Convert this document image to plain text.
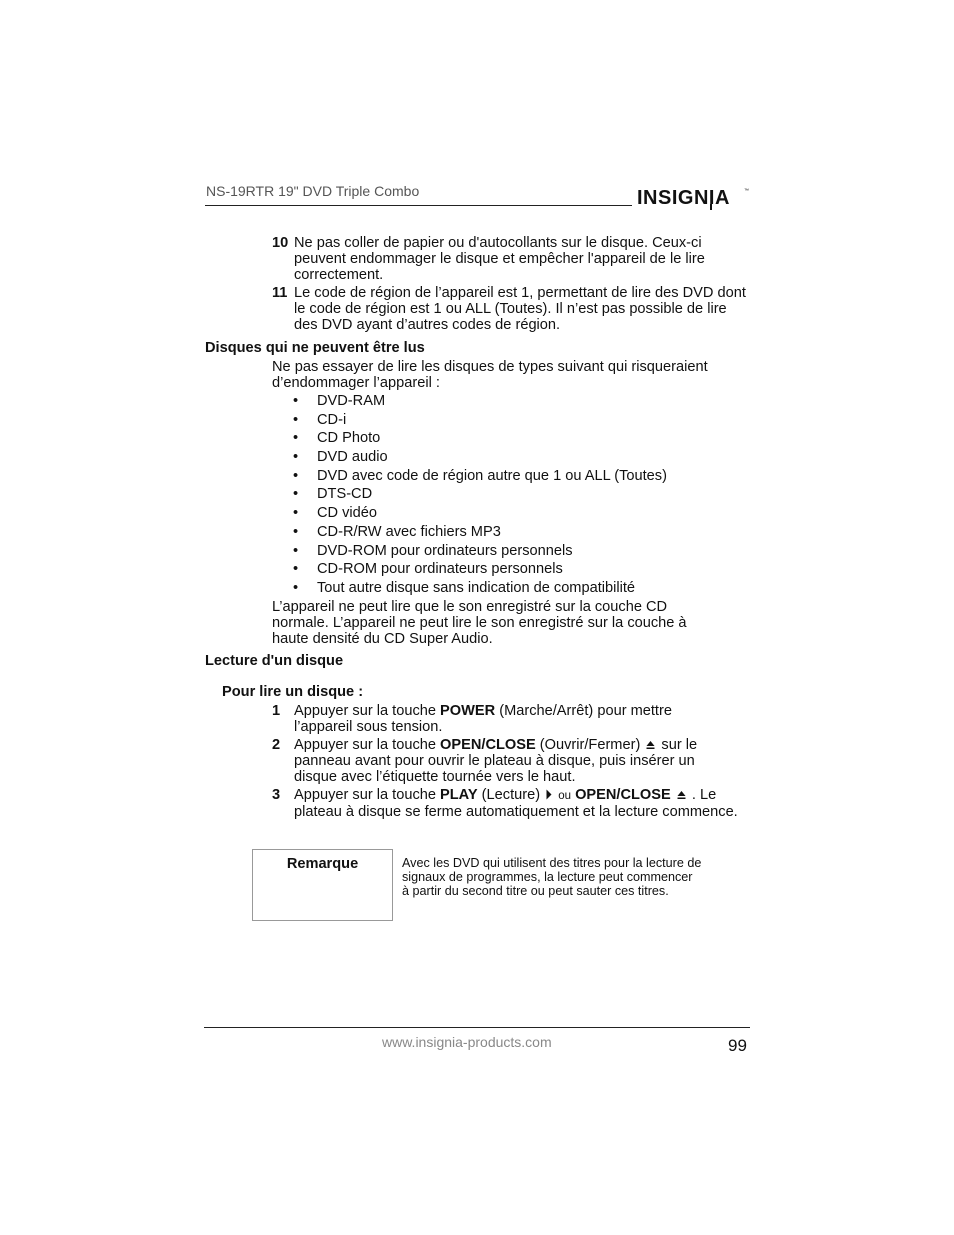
NS-19RTR 19" DVD Triple Combo	INSIGNIA	™
10 Ne pas coller de papier ou d'autocollants sur le disque. Ceux-ci peuvent endommager le disque et empêcher l'appareil de le lire correctement.
11 Le code de région de l’appareil est 1, permettant de lire des DVD dont le code de région est 1 ou ALL (Toutes). Il n’est pas possible de lire des DVD ayant d’autres codes de région.
Disques qui ne peuvent être lus
Ne pas essayer de lire les disques de types suivant qui risqueraient d’endommager l’appareil :
• DVD-RAM
• CD-i
• CD Photo
• DVD audio
• DVD avec code de région autre que 1 ou ALL (Toutes)
• DTS-CD
• CD vidéo
• CD-R/RW avec fichiers MP3
• DVD-ROM pour ordinateurs personnels
• CD-ROM pour ordinateurs personnels
• Tout autre disque sans indication de compatibilité
L’appareil ne peut lire que le son enregistré sur la couche CD normale. L’appareil ne peut lire le son enregistré sur la couche à haute densité du CD Super Audio.
Lecture d'un disque
Pour lire un disque :
1 Appuyer sur la touche POWER (Marche/Arrêt) pour mettre l’appareil sous tension.
2 Appuyer sur la touche OPEN/CLOSE (Ouvrir/Fermer)  sur le panneau avant pour ouvrir le plateau à disque, puis insérer un disque avec l’étiquette tournée vers le haut.
3 Appuyer sur la touche PLAY (Lecture)  ou OPEN/CLOSE . Le plateau à disque se ferme automatiquement et la lecture commence.
Remarque	Avec les DVD qui utilisent des titres pour la lecture de signaux de programmes, la lecture peut commencer à partir du second titre ou peut sauter ces titres.
www.insignia-products.com	99
